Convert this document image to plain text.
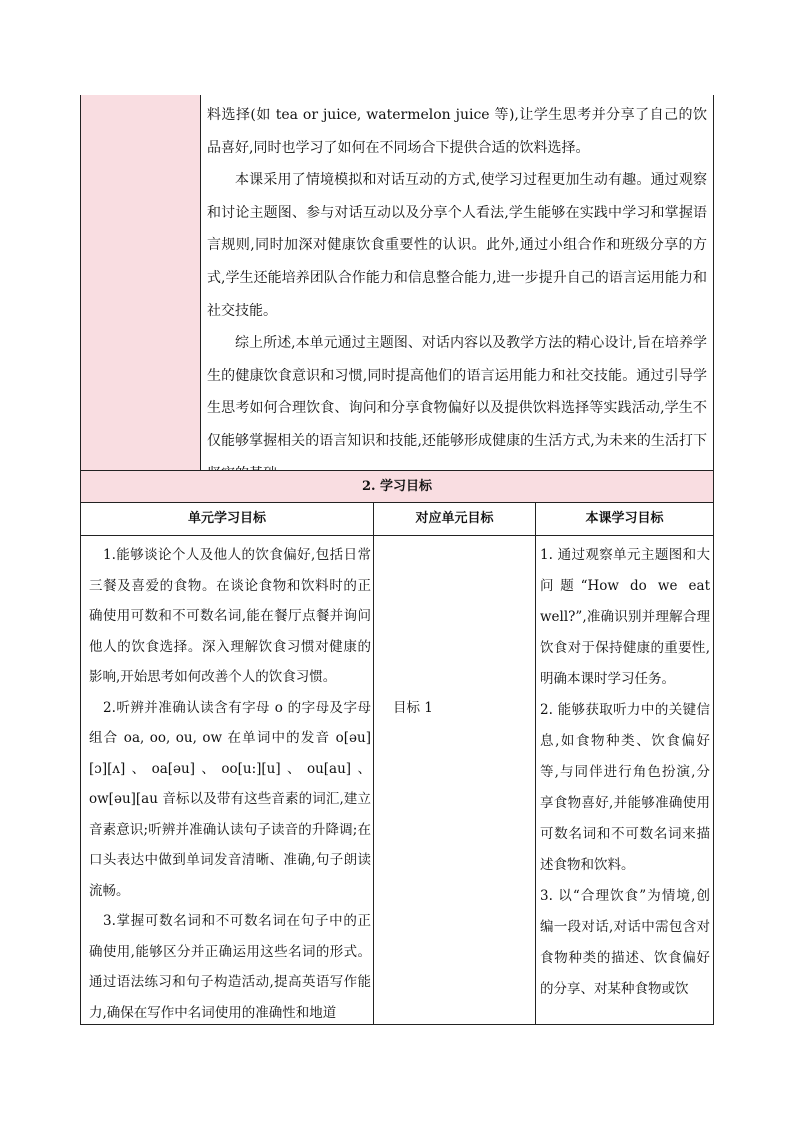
料选择(如 tea or juice, watermelon juice 等),让学生思考并分享了自己的饮品喜好,同时也学习了如何在不同场合下提供合适的饮料选择。

本课采用了情境模拟和对话互动的方式,使学习过程更加生动有趣。通过观察和讨论主题图、参与对话互动以及分享个人看法,学生能够在实践中学习和掌握语言规则,同时加深对健康饮食重要性的认识。此外,通过小组合作和班级分享的方式,学生还能培养团队合作能力和信息整合能力,进一步提升自己的语言运用能力和社交技能。

综上所述,本单元通过主题图、对话内容以及教学方法的精心设计,旨在培养学生的健康饮食意识和习惯,同时提高他们的语言运用能力和社交技能。通过引导学生思考如何合理饮食、询问和分享食物偏好以及提供饮料选择等实践活动,学生不仅能够掌握相关的语言知识和技能,还能够形成健康的生活方式,为未来的生活打下

2. 学习目标
单元学习目标	对应单元目标	本课学习目标

1.能够谈论个人及他人的饮食偏好,包括日常三餐及喜爱的食物。在谈论食物和饮料时的正确使用可数和不可数名词,能在餐厅点餐并询问他人的饮食选择。深入理解饮食习惯对健康的影响,开始思考如何改善个人的饮食习惯。

2.听辨并准确认读含有字母 o 的字母及字母组合 oa, oo, ou, ow 在单词中的发音 o[əu][ɔ][ʌ]、oa[əu]、oo[u:][u]、ou[au]、ow[əu][au 音标以及带有这些音素的词汇,建立音素意识;听辨并准确认读句子读音的升降调;在口头表达中做到单词发音清晰、准确,句子朗读流畅。

3.掌握可数名词和不可数名词在句子中的正确使用,能够区分并正确运用这些名词的形式。通过语法练习和句子构造活动,提高英语写作能力,确保在写作中名词使用的准确性和地道

目标 1

1. 通过观察单元主题图和大问题“How do we eat well?”,准确识别并理解合理饮食对于保持健康的重要性,明确本课时学习任务。

2. 能够获取听力中的关键信息,如食物种类、饮食偏好等,与同伴进行角色扮演,分享食物喜好,并能够准确使用可数名词和不可数名词来描述食物和饮料。

3. 以“合理饮食”为情境,创编一段对话,对话中需包含对食物种类的描述、饮食偏好的分享、对某种食物或饮
